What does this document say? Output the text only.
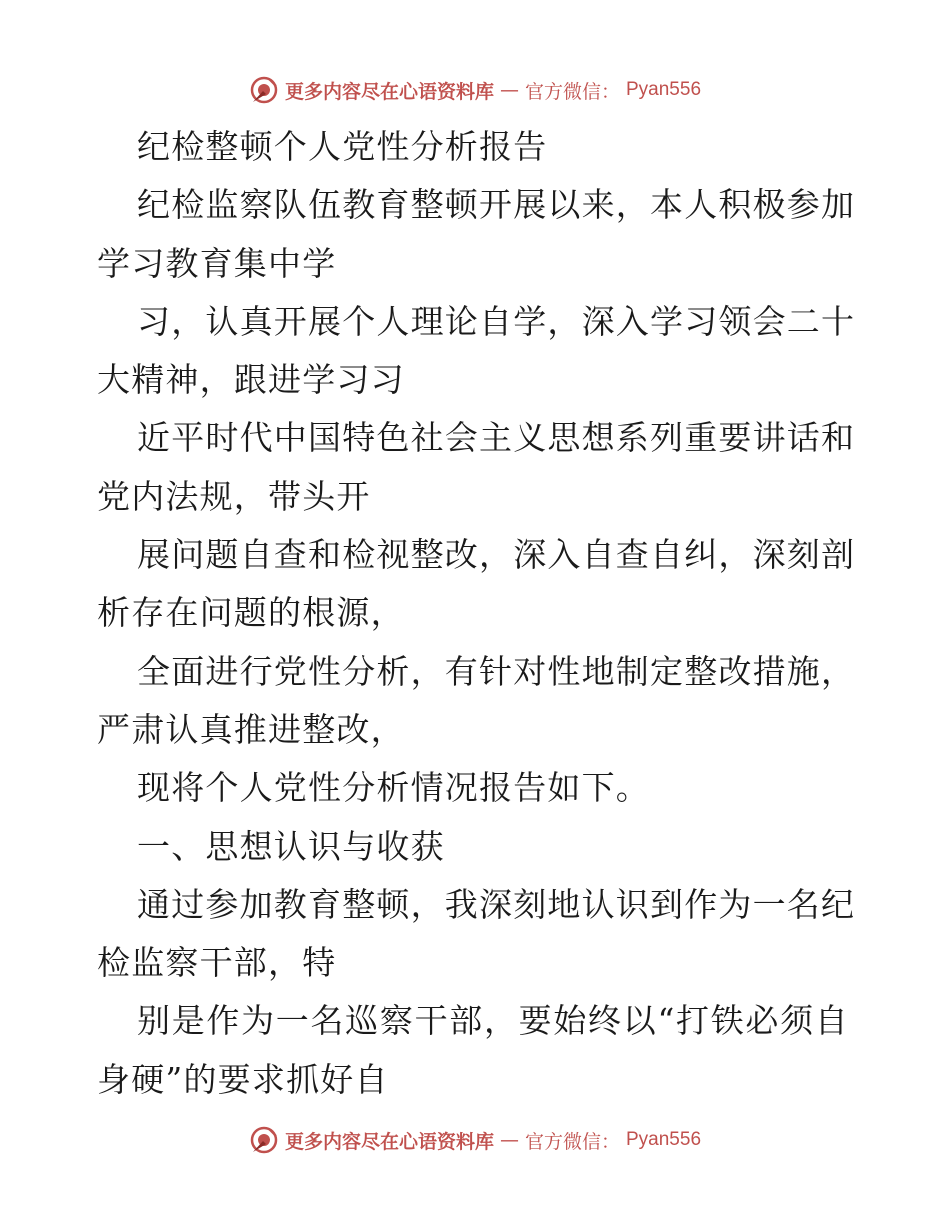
更多内容尽在心语资料库 — 官方微信： Pyan556
纪检整顿个人党性分析报告
纪检监察队伍教育整顿开展以来，本人积极参加
学习教育集中学
习，认真开展个人理论自学，深入学习领会二十
大精神，跟进学习习
近平时代中国特色社会主义思想系列重要讲话和
党内法规，带头开
展问题自查和检视整改，深入自查自纠，深刻剖
析存在问题的根源，
全面进行党性分析，有针对性地制定整改措施，
严肃认真推进整改，
现将个人党性分析情况报告如下。
一、思想认识与收获
通过参加教育整顿，我深刻地认识到作为一名纪
检监察干部，特
别是作为一名巡察干部，要始终以“打铁必须自
身硬”的要求抓好自
更多内容尽在心语资料库 — 官方微信： Pyan556
